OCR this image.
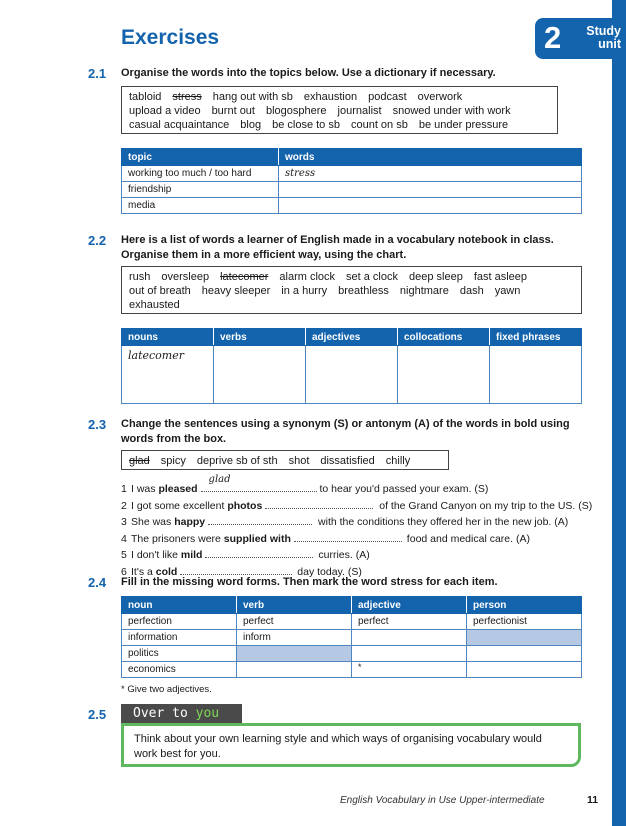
2	Study unit
Exercises
2.1 Organise the words into the topics below. Use a dictionary if necessary.
tabloid stress hang out with sb exhaustion podcast overwork
upload a video burnt out blogosphere journalist snowed under with work
casual acquaintance blog be close to sb count on sb be under pressure
topic	words
working too much / too hard	stress
friendship	
media	
2.2 Here is a list of words a learner of English made in a vocabulary notebook in class. Organise them in a more efficient way, using the chart.
rush oversleep latecomer alarm clock set a clock deep sleep fast asleep
out of breath heavy sleeper in a hurry breathless nightmare dash yawn
exhausted
nouns	verbs	adjectives	collocations	fixed phrases
latecomer				
2.3 Change the sentences using a synonym (S) or antonym (A) of the words in bold using words from the box.
glad spicy deprive sb of sth shot dissatisfied chilly
1 I was pleased
glad
to hear you'd passed your exam. (S)
2 I got some excellent photos	of the Grand Canyon on my trip to the US. (S)
3 She was happy	with the conditions they offered her in the new job. (A)
4 The prisoners were supplied with	food and medical care. (A)
5 I don't like mild	curries. (A)
6 It's a cold	day today. (S)
2.4 Fill in the missing word forms. Then mark the word stress for each item.
noun	verb	adjective	person
perfection	perfect	perfect	perfectionist
information	inform		
politics			
economics		*	
* Give two adjectives.
2.5	Over to you
Think about your own learning style and which ways of organising vocabulary would work best for you.
English Vocabulary in Use Upper-intermediate	11
